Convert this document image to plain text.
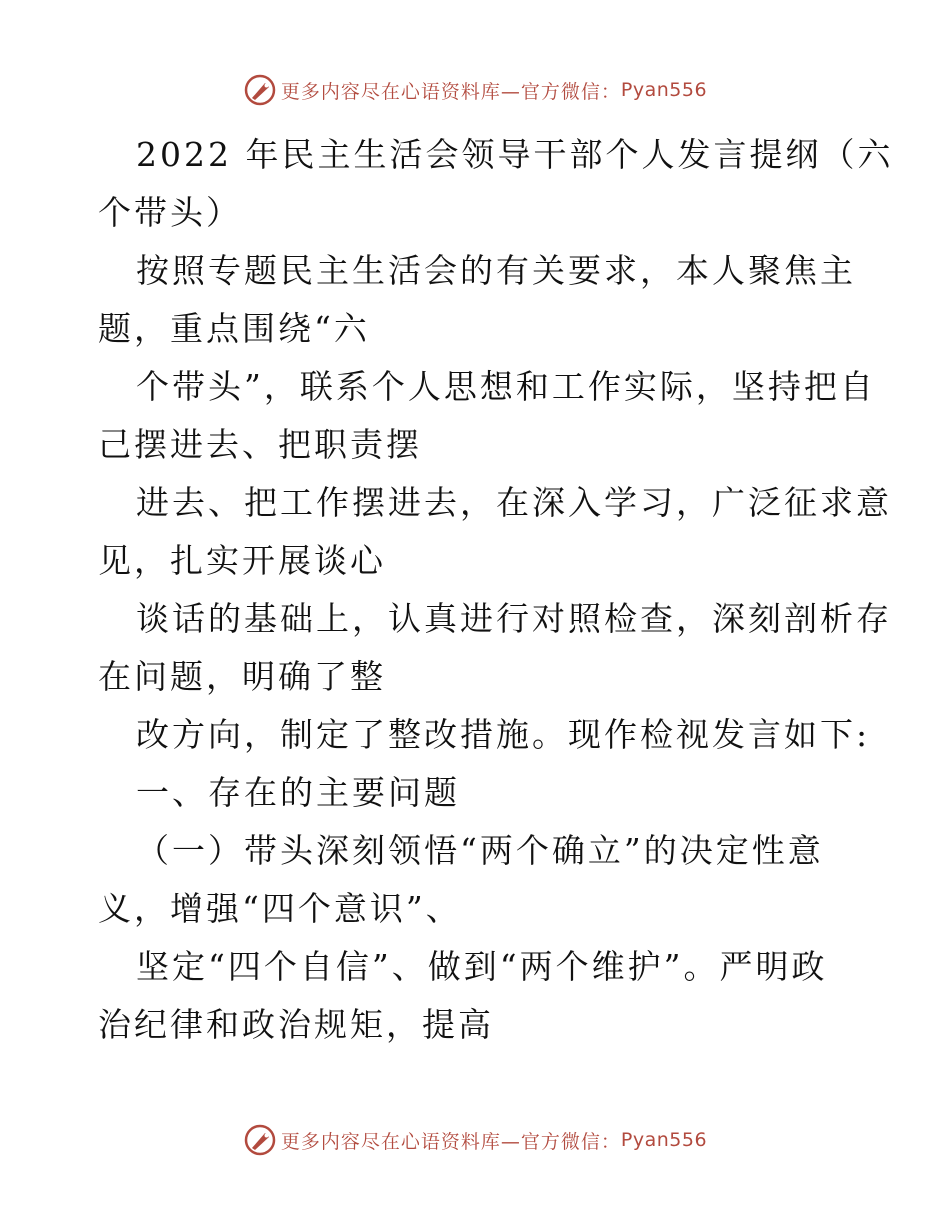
更多内容尽在心语资料库—官方微信： Pyan556
2022 年民主生活会领导干部个人发言提纲（六
个带头）
按照专题民主生活会的有关要求，本人聚焦主
题，重点围绕“六
个带头”，联系个人思想和工作实际，坚持把自
己摆进去、把职责摆
进去、把工作摆进去，在深入学习，广泛征求意
见，扎实开展谈心
谈话的基础上，认真进行对照检查，深刻剖析存
在问题，明确了整
改方向，制定了整改措施。现作检视发言如下:
一、存在的主要问题
（一）带头深刻领悟“两个确立”的决定性意
义，增强“四个意识”、
坚定“四个自信”、做到“两个维护”。严明政
治纪律和政治规矩，提高
更多内容尽在心语资料库—官方微信： Pyan556
